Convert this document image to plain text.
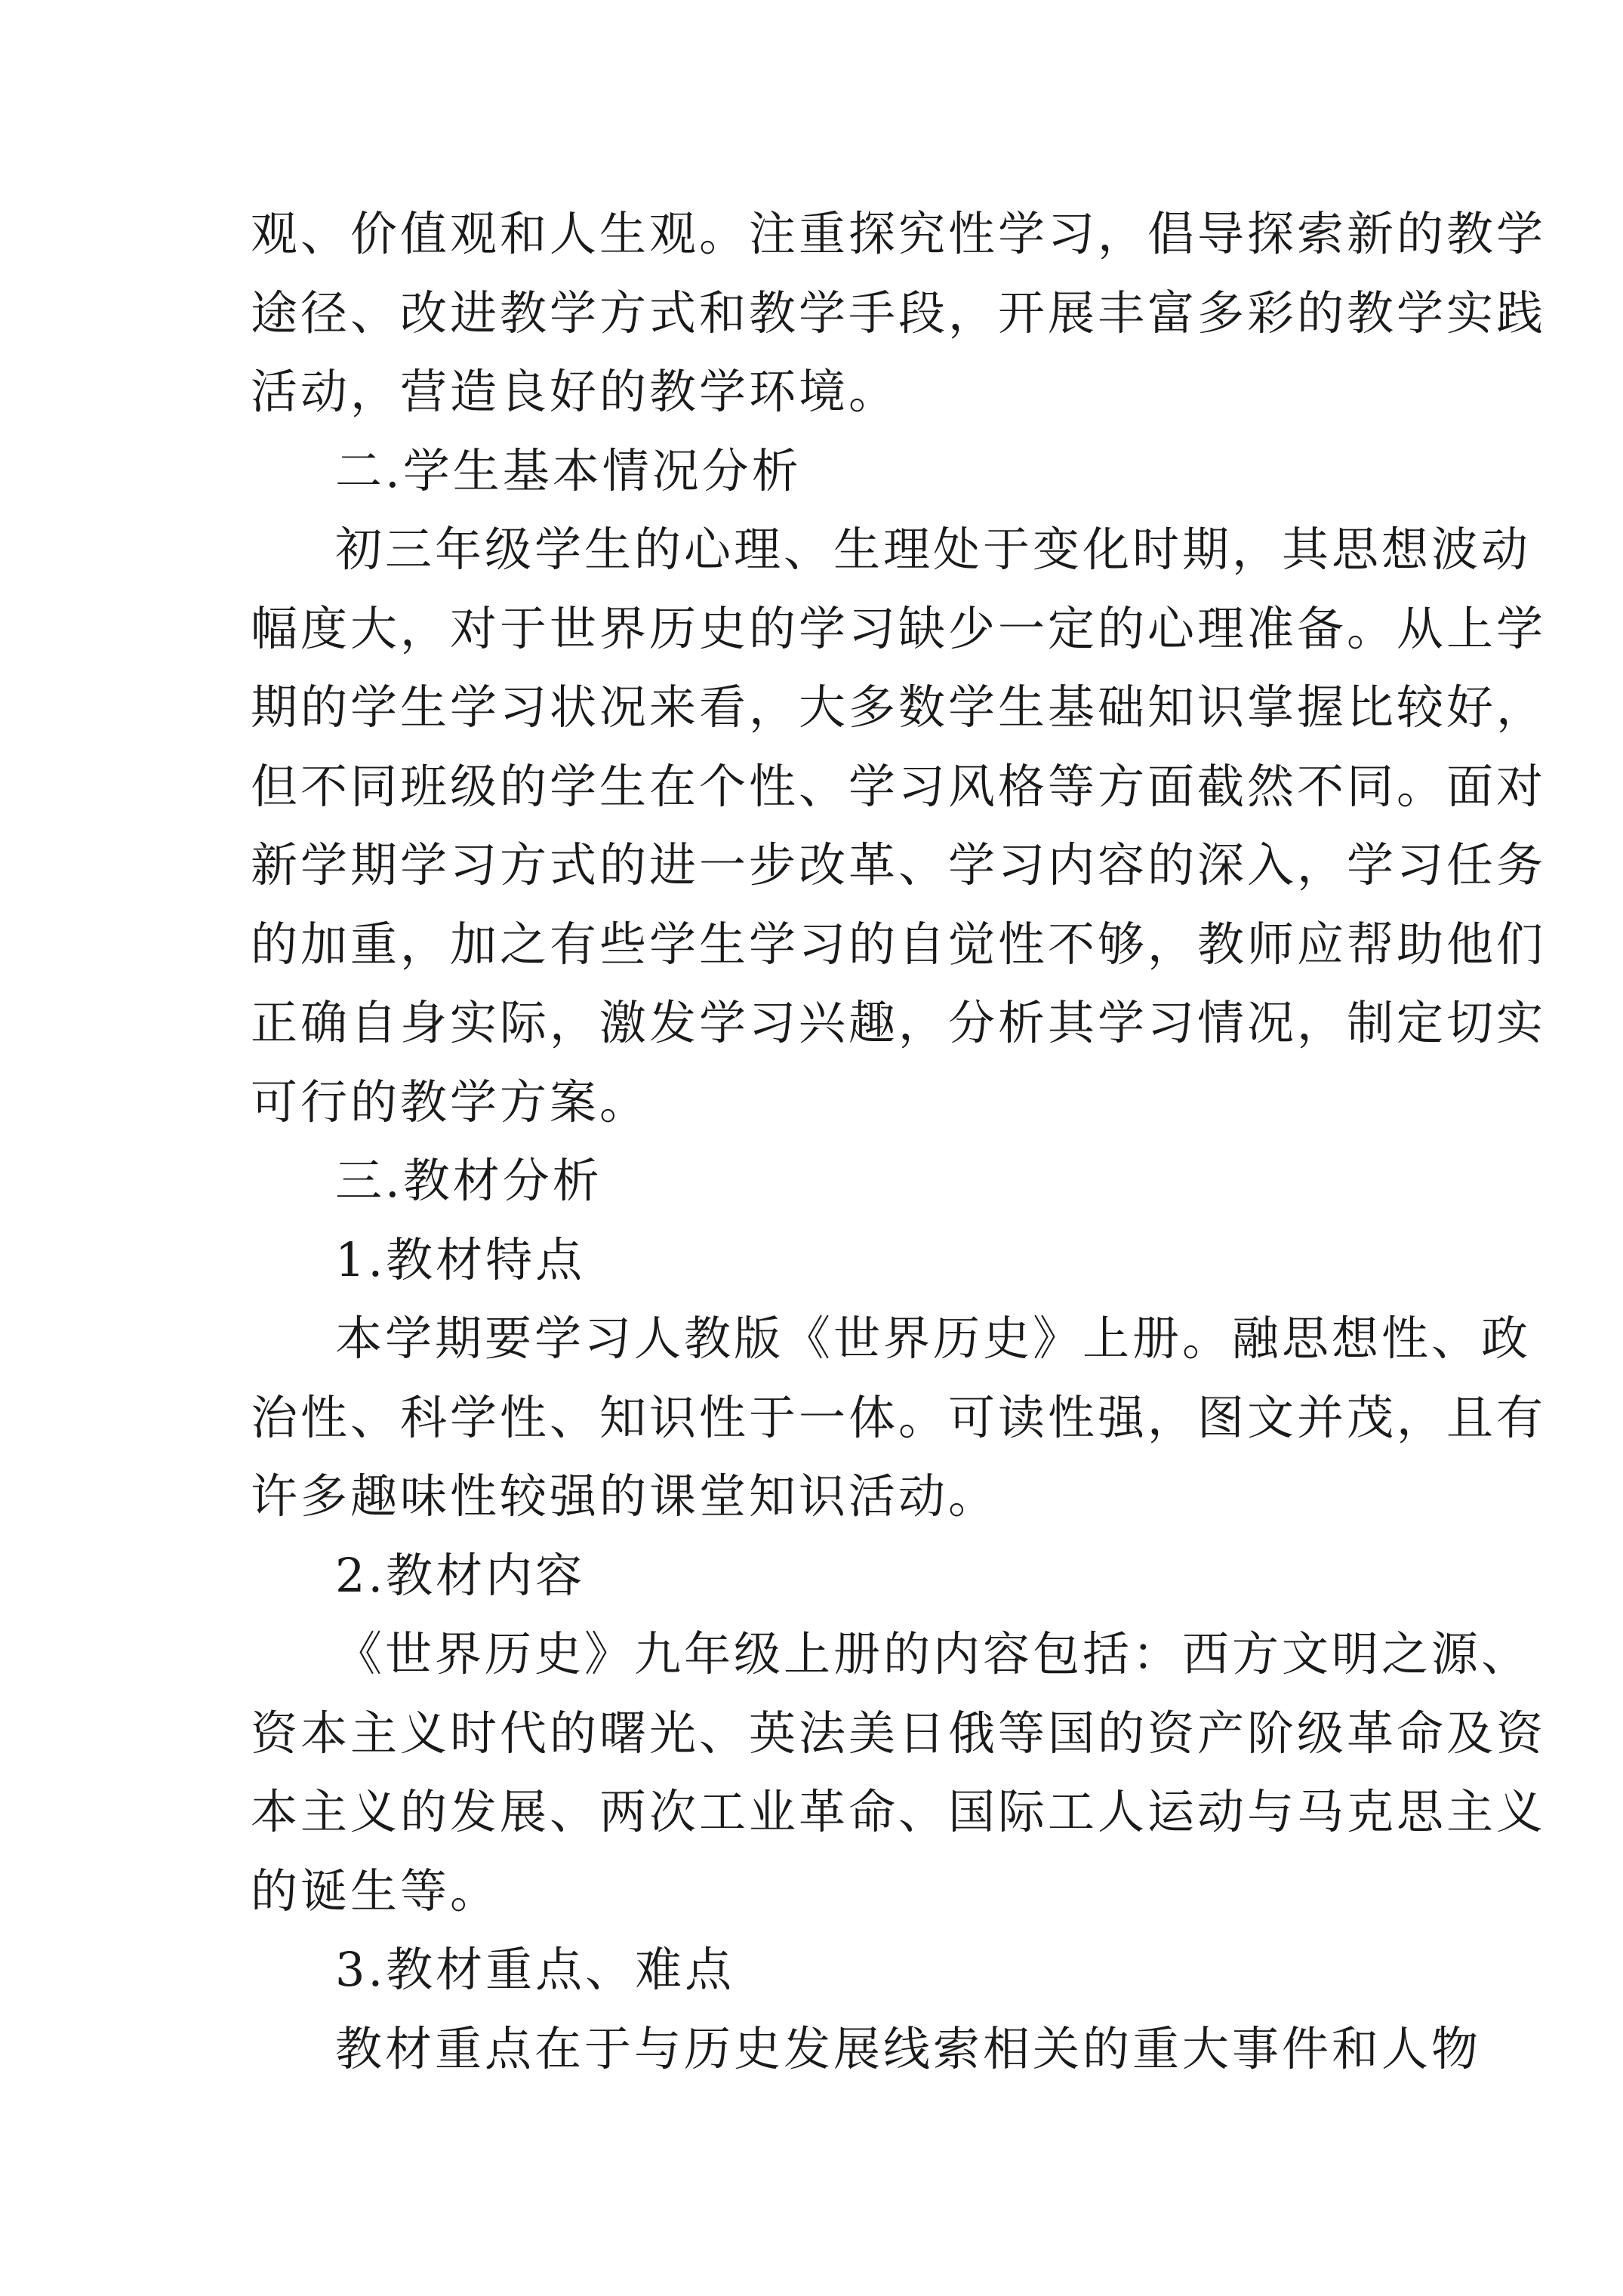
观、价值观和人生观。注重探究性学习，倡导探索新的教学
途径、改进教学方式和教学手段，开展丰富多彩的教学实践
活动，营造良好的教学环境。

二.学生基本情况分析

初三年级学生的心理、生理处于变化时期，其思想波动
幅度大，对于世界历史的学习缺少一定的心理准备。从上学
期的学生学习状况来看，大多数学生基础知识掌握比较好，
但不同班级的学生在个性、学习风格等方面截然不同。面对
新学期学习方式的进一步改革、学习内容的深入，学习任务
的加重，加之有些学生学习的自觉性不够，教师应帮助他们
正确自身实际，激发学习兴趣，分析其学习情况，制定切实
可行的教学方案。

三.教材分析

1.教材特点

本学期要学习人教版《世界历史》上册。融思想性、政
治性、科学性、知识性于一体。可读性强，图文并茂，且有
许多趣味性较强的课堂知识活动。

2.教材内容

《世界历史》九年级上册的内容包括：西方文明之源、
资本主义时代的曙光、英法美日俄等国的资产阶级革命及资
本主义的发展、两次工业革命、国际工人运动与马克思主义
的诞生等。

3.教材重点、难点

教材重点在于与历史发展线索相关的重大事件和人物
